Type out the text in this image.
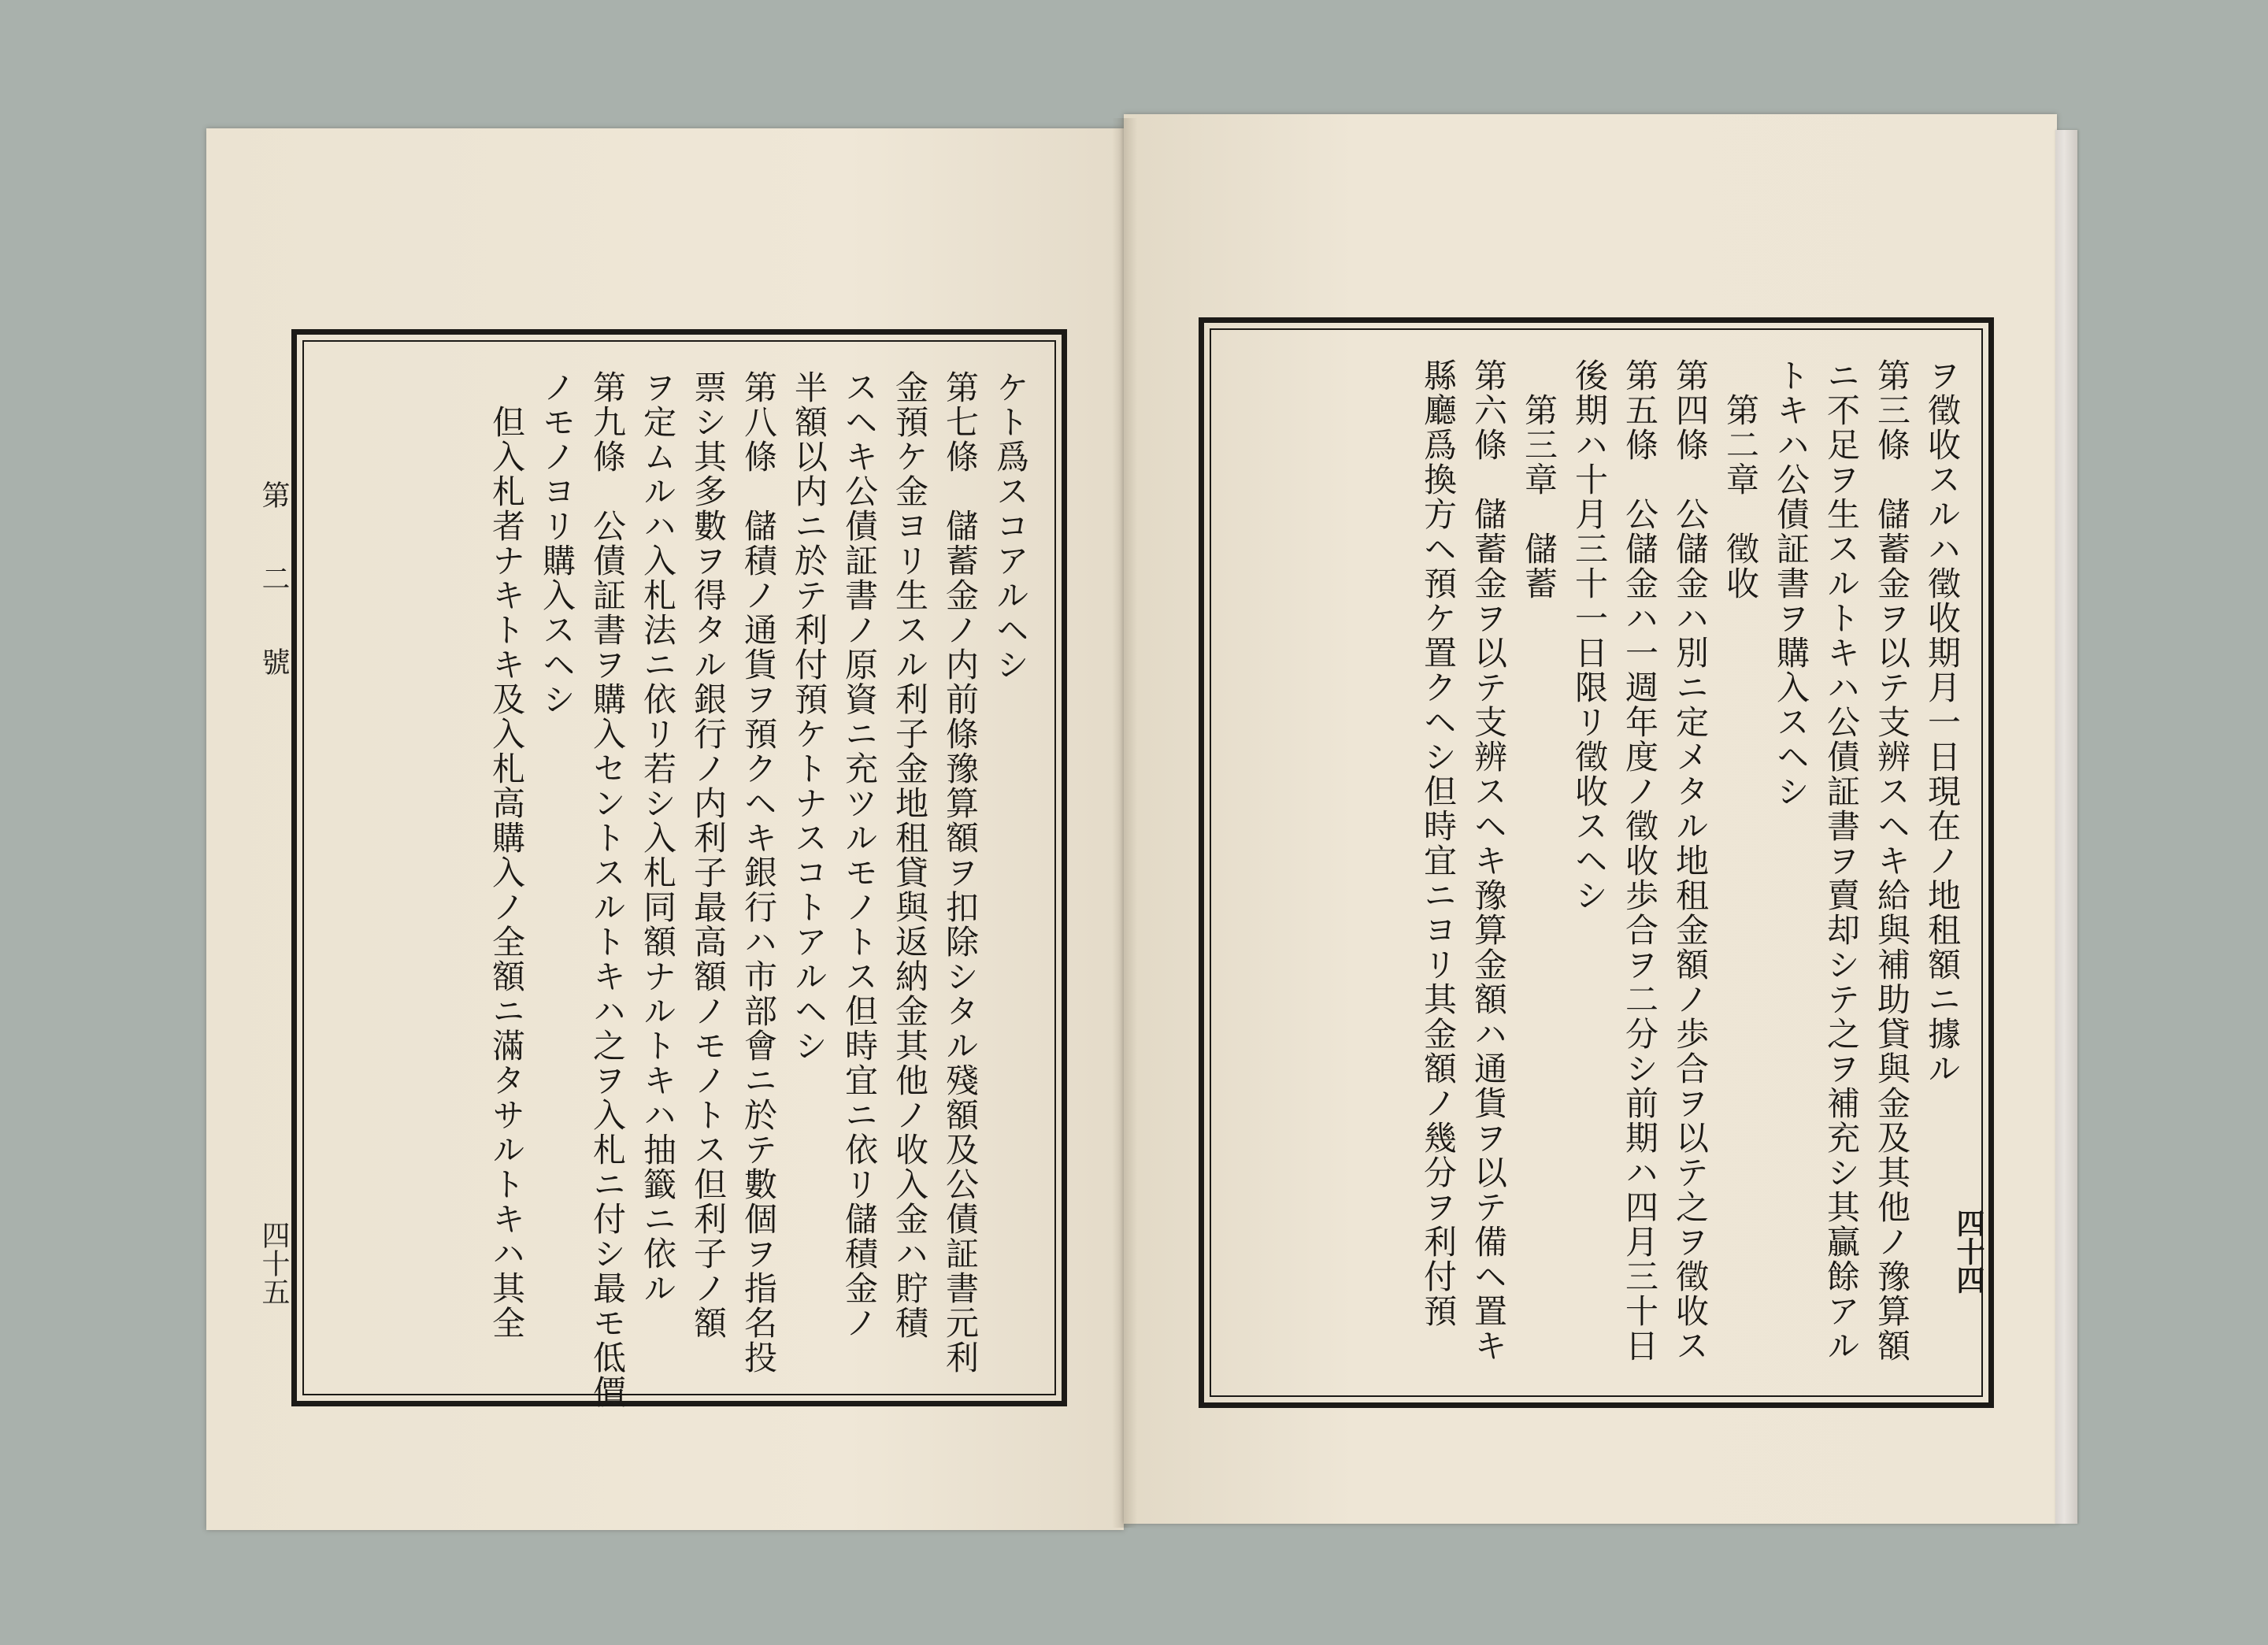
第二號
四十五	四十四
ケト爲スコアルヘシ
第七條　儲蓄金ノ内前條豫算額ヲ扣除シタル殘額及公債証書元利
金預ケ金ヨリ生スル利子金地租貸與返納金其他ノ收入金ハ貯積
スヘキ公債証書ノ原資ニ充ツルモノトス但時宜ニ依リ儲積金ノ
半額以内ニ於テ利付預ケトナスコトアルヘシ
第八條　儲積ノ通貨ヲ預クヘキ銀行ハ市部會ニ於テ數個ヲ指名投
票シ其多數ヲ得タル銀行ノ内利子最高額ノモノトス但利子ノ額
ヲ定ムルハ入札法ニ依リ若シ入札同額ナルトキハ抽籤ニ依ル
第九條　公債証書ヲ購入セントスルトキハ之ヲ入札ニ付シ最モ低價
ノモノヨリ購入スヘシ
　但入札者ナキトキ及入札高購入ノ全額ニ滿タサルトキハ其全	ヲ徵收スルハ徵收期月一日現在ノ地租額ニ據ル
第三條　儲蓄金ヲ以テ支辨スヘキ給與補助貸與金及其他ノ豫算額
ニ不足ヲ生スルトキハ公債証書ヲ賣却シテ之ヲ補充シ其贏餘アル
トキハ公債証書ヲ購入スヘシ
　第二章　徵收
第四條　公儲金ハ別ニ定メタル地租金額ノ歩合ヲ以テ之ヲ徵收ス
第五條　公儲金ハ一週年度ノ徵收歩合ヲ二分シ前期ハ四月三十日
後期ハ十月三十一日限リ徵收スヘシ
　第三章　儲蓄
第六條　儲蓄金ヲ以テ支辨スヘキ豫算金額ハ通貨ヲ以テ備ヘ置キ
縣廳爲換方ヘ預ケ置クヘシ但時宜ニヨリ其金額ノ幾分ヲ利付預
